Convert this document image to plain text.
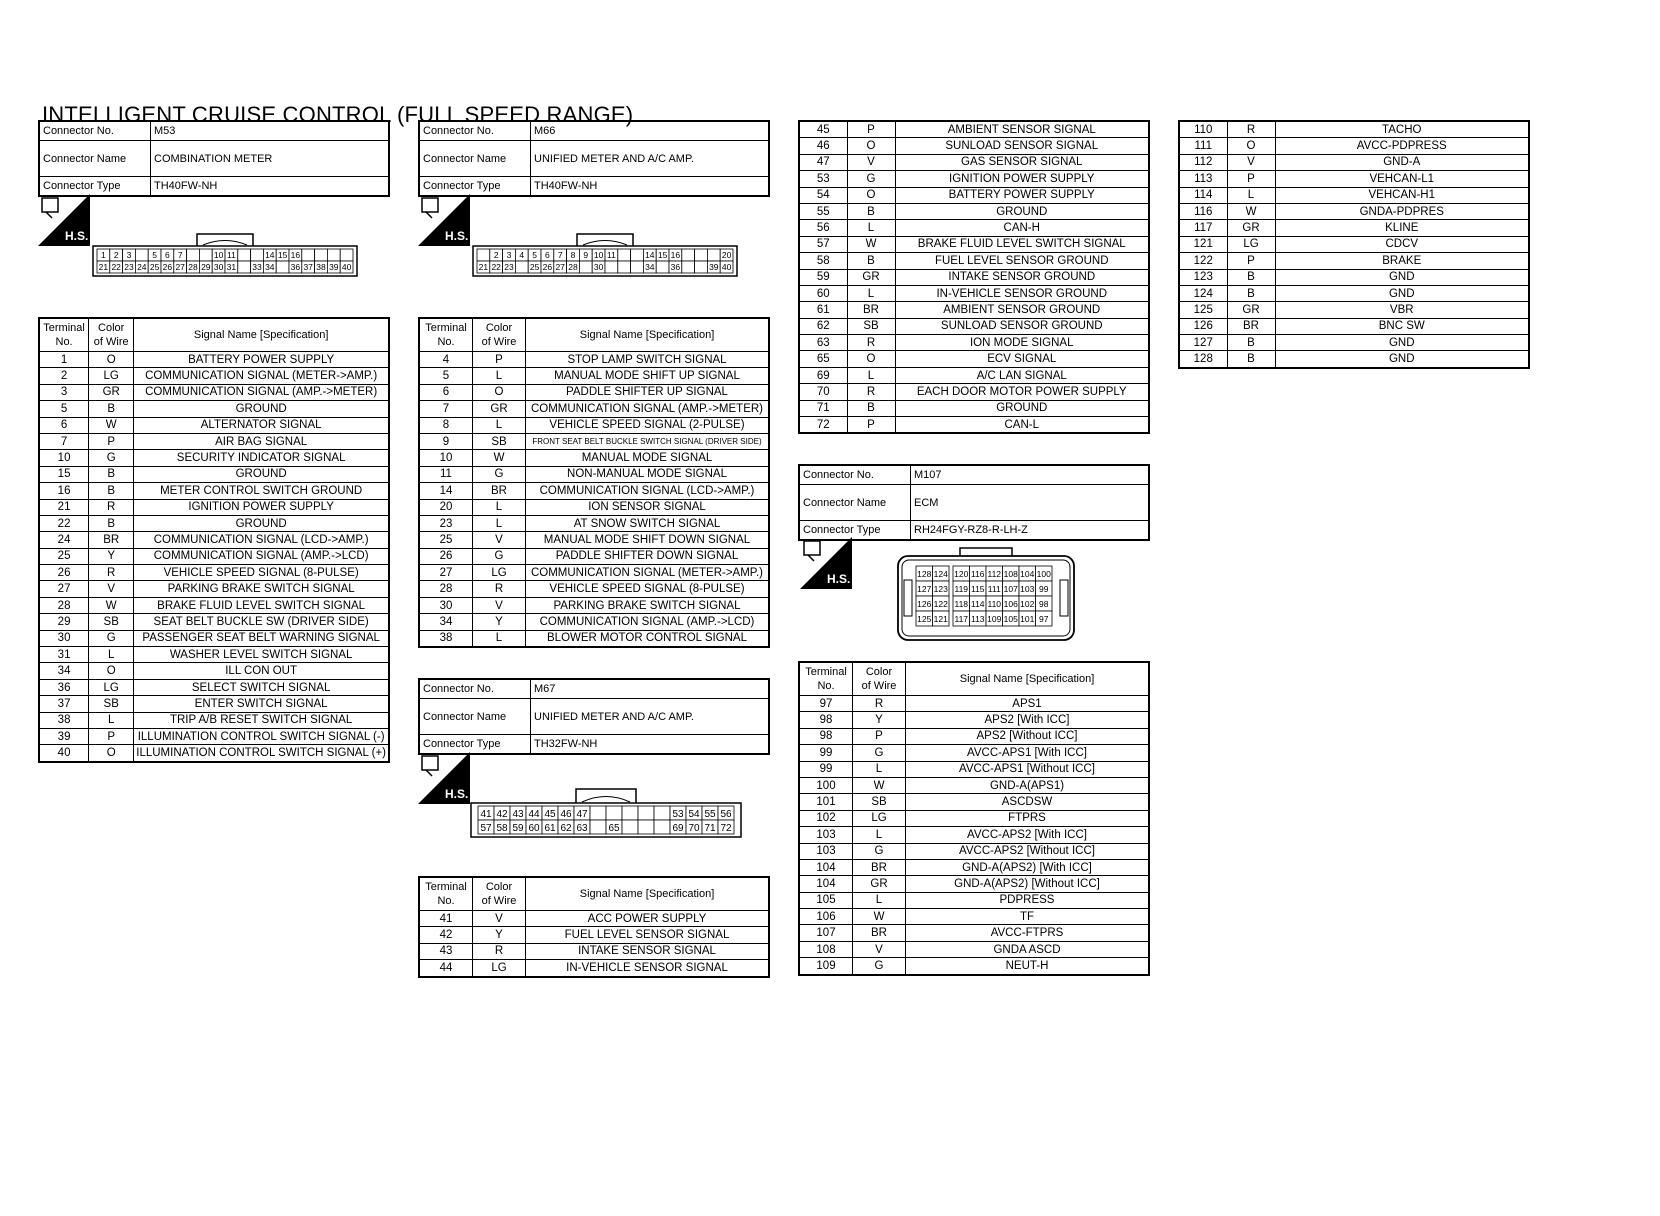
INTELLIGENT CRUISE CONTROL (FULL SPEED RANGE)
Connector No.	M53
Connector Name	COMBINATION METER
Connector Type	TH40FW-NH
H.S.
1 2 3 5 6 7	10 11	14 15 16
21 22 23 24 25 26 27 28 29 30 31 33 34 36 37 38 39 40
Terminal
No.	Color
of Wire	Signal Name [Specification]
1	O	BATTERY POWER SUPPLY
2	LG	COMMUNICATION SIGNAL (METER->AMP.)
3	GR	COMMUNICATION SIGNAL (AMP.->METER)
5	B	GROUND
6	W	ALTERNATOR SIGNAL
7	P	AIR BAG SIGNAL
10	G	SECURITY INDICATOR SIGNAL
15	B	GROUND
16	B	METER CONTROL SWITCH GROUND
21	R	IGNITION POWER SUPPLY
22	B	GROUND
24	BR	COMMUNICATION SIGNAL (LCD->AMP.)
25	Y	COMMUNICATION SIGNAL (AMP.->LCD)
26	R	VEHICLE SPEED SIGNAL (8-PULSE)
27	V	PARKING BRAKE SWITCH SIGNAL
28	W	BRAKE FLUID LEVEL SWITCH SIGNAL
29	SB	SEAT BELT BUCKLE SW (DRIVER SIDE)
30	G	PASSENGER SEAT BELT WARNING SIGNAL
31	L	WASHER LEVEL SWITCH SIGNAL
34	O	ILL CON OUT
36	LG	SELECT SWITCH SIGNAL
37	SB	ENTER SWITCH SIGNAL
38	L	TRIP A/B RESET SWITCH SIGNAL
39	P	ILLUMINATION CONTROL SWITCH SIGNAL (-)
40	O	ILLUMINATION CONTROL SWITCH SIGNAL (+)
Connector No.	M66
Connector Name	UNIFIED METER AND A/C AMP.
Connector Type	TH40FW-NH
H.S.
2 3 4 5 6 7 8 9 10 11	14 15 16	20
21 22 23 25 26 27 28 30	34 36	39 40
Terminal
No.	Color
of Wire	Signal Name [Specification]
4	P	STOP LAMP SWITCH SIGNAL
5	L	MANUAL MODE SHIFT UP SIGNAL
6	O	PADDLE SHIFTER UP SIGNAL
7	GR	COMMUNICATION SIGNAL (AMP.->METER)
8	L	VEHICLE SPEED SIGNAL (2-PULSE)
9	SB	FRONT SEAT BELT BUCKLE SWITCH SIGNAL (DRIVER SIDE)
10	W	MANUAL MODE SIGNAL
11	G	NON-MANUAL MODE SIGNAL
14	BR	COMMUNICATION SIGNAL (LCD->AMP.)
20	L	ION SENSOR SIGNAL
23	L	AT SNOW SWITCH SIGNAL
25	V	MANUAL MODE SHIFT DOWN SIGNAL
26	G	PADDLE SHIFTER DOWN SIGNAL
27	LG	COMMUNICATION SIGNAL (METER->AMP.)
28	R	VEHICLE SPEED SIGNAL (8-PULSE)
30	V	PARKING BRAKE SWITCH SIGNAL
34	Y	COMMUNICATION SIGNAL (AMP.->LCD)
38	L	BLOWER MOTOR CONTROL SIGNAL
Connector No.	M67
Connector Name	UNIFIED METER AND A/C AMP.
Connector Type	TH32FW-NH
H.S.
41 42 43 44 45 46 47	53 54 55 56
57 58 59 60 61 62 63 65	69 70 71 72
Terminal
No.	Color
of Wire	Signal Name [Specification]
41	V	ACC POWER SUPPLY
42	Y	FUEL LEVEL SENSOR SIGNAL
43	R	INTAKE SENSOR SIGNAL
44	LG	IN-VEHICLE SENSOR SIGNAL
45	P	AMBIENT SENSOR SIGNAL
46	O	SUNLOAD SENSOR SIGNAL
47	V	GAS SENSOR SIGNAL
53	G	IGNITION POWER SUPPLY
54	O	BATTERY POWER SUPPLY
55	B	GROUND
56	L	CAN-H
57	W	BRAKE FLUID LEVEL SWITCH SIGNAL
58	B	FUEL LEVEL SENSOR GROUND
59	GR	INTAKE SENSOR GROUND
60	L	IN-VEHICLE SENSOR GROUND
61	BR	AMBIENT SENSOR GROUND
62	SB	SUNLOAD SENSOR GROUND
63	R	ION MODE SIGNAL
65	O	ECV SIGNAL
69	L	A/C LAN SIGNAL
70	R	EACH DOOR MOTOR POWER SUPPLY
71	B	GROUND
72	P	CAN-L
Connector No.	M107
Connector Name	ECM
Connector Type	RH24FGY-RZ8-R-LH-Z
H.S.	128 124 120 116 112 108 104 100
127 123 119 115 111 107 103 99
126 122 118 114 110 106 102 98
125 121 117 113 109 105 101 97
Terminal
No.	Color
of Wire	Signal Name [Specification]
97	R	APS1
98	Y	APS2 [With ICC]
98	P	APS2 [Without ICC]
99	G	AVCC-APS1 [With ICC]
99	L	AVCC-APS1 [Without ICC]
100	W	GND-A(APS1)
101	SB	ASCDSW
102	LG	FTPRS
103	L	AVCC-APS2 [With ICC]
103	G	AVCC-APS2 [Without ICC]
104	BR	GND-A(APS2) [With ICC]
104	GR	GND-A(APS2) [Without ICC]
105	L	PDPRESS
106	W	TF
107	BR	AVCC-FTPRS
108	V	GNDA ASCD
109	G	NEUT-H
110	R	TACHO
111	O	AVCC-PDPRESS
112	V	GND-A
113	P	VEHCAN-L1
114	L	VEHCAN-H1
116	W	GNDA-PDPRES
117	GR	KLINE
121	LG	CDCV
122	P	BRAKE
123	B	GND
124	B	GND
125	GR	VBR
126	BR	BNC SW
127	B	GND
128	B	GND
